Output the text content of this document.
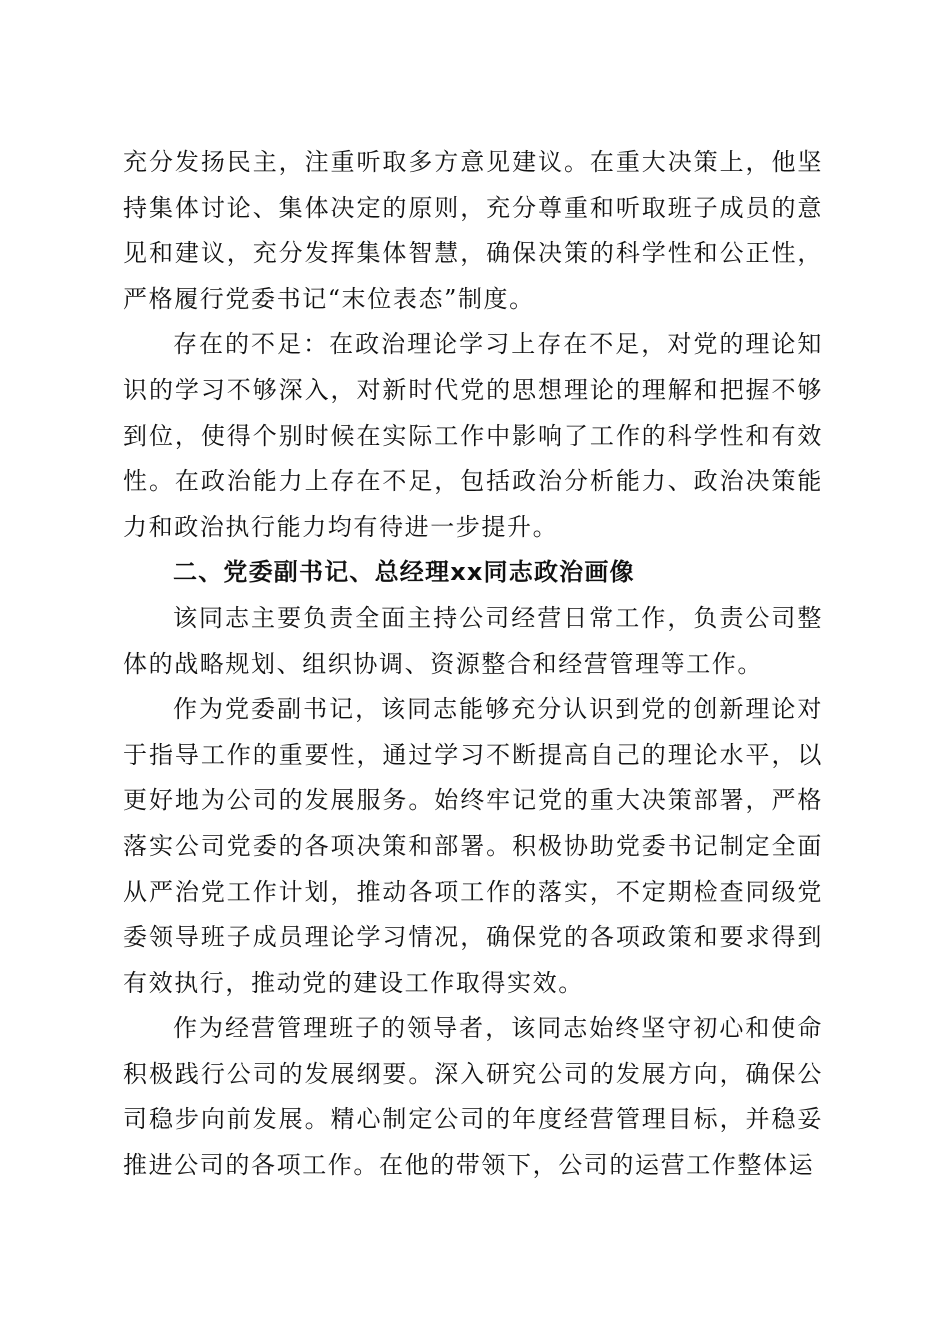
充分发扬民主，注重听取多方意见建议。在重大决策上，他坚持集体讨论、集体决定的原则，充分尊重和听取班子成员的意见和建议，充分发挥集体智慧，确保决策的科学性和公正性，严格履行党委书记“末位表态”制度。

存在的不足：在政治理论学习上存在不足，对党的理论知识的学习不够深入，对新时代党的思想理论的理解和把握不够到位，使得个别时候在实际工作中影响了工作的科学性和有效性。在政治能力上存在不足，包括政治分析能力、政治决策能力和政治执行能力均有待进一步提升。

二、党委副书记、总经理xx同志政治画像

该同志主要负责全面主持公司经营日常工作，负责公司整体的战略规划、组织协调、资源整合和经营管理等工作。

作为党委副书记，该同志能够充分认识到党的创新理论对于指导工作的重要性，通过学习不断提高自己的理论水平，以更好地为公司的发展服务。始终牢记党的重大决策部署，严格落实公司党委的各项决策和部署。积极协助党委书记制定全面从严治党工作计划，推动各项工作的落实，不定期检查同级党委领导班子成员理论学习情况，确保党的各项政策和要求得到有效执行，推动党的建设工作取得实效。

作为经营管理班子的领导者，该同志始终坚守初心和使命积极践行公司的发展纲要。深入研究公司的发展方向，确保公司稳步向前发展。精心制定公司的年度经营管理目标，并稳妥推进公司的各项工作。在他的带领下，公司的运营工作整体运
